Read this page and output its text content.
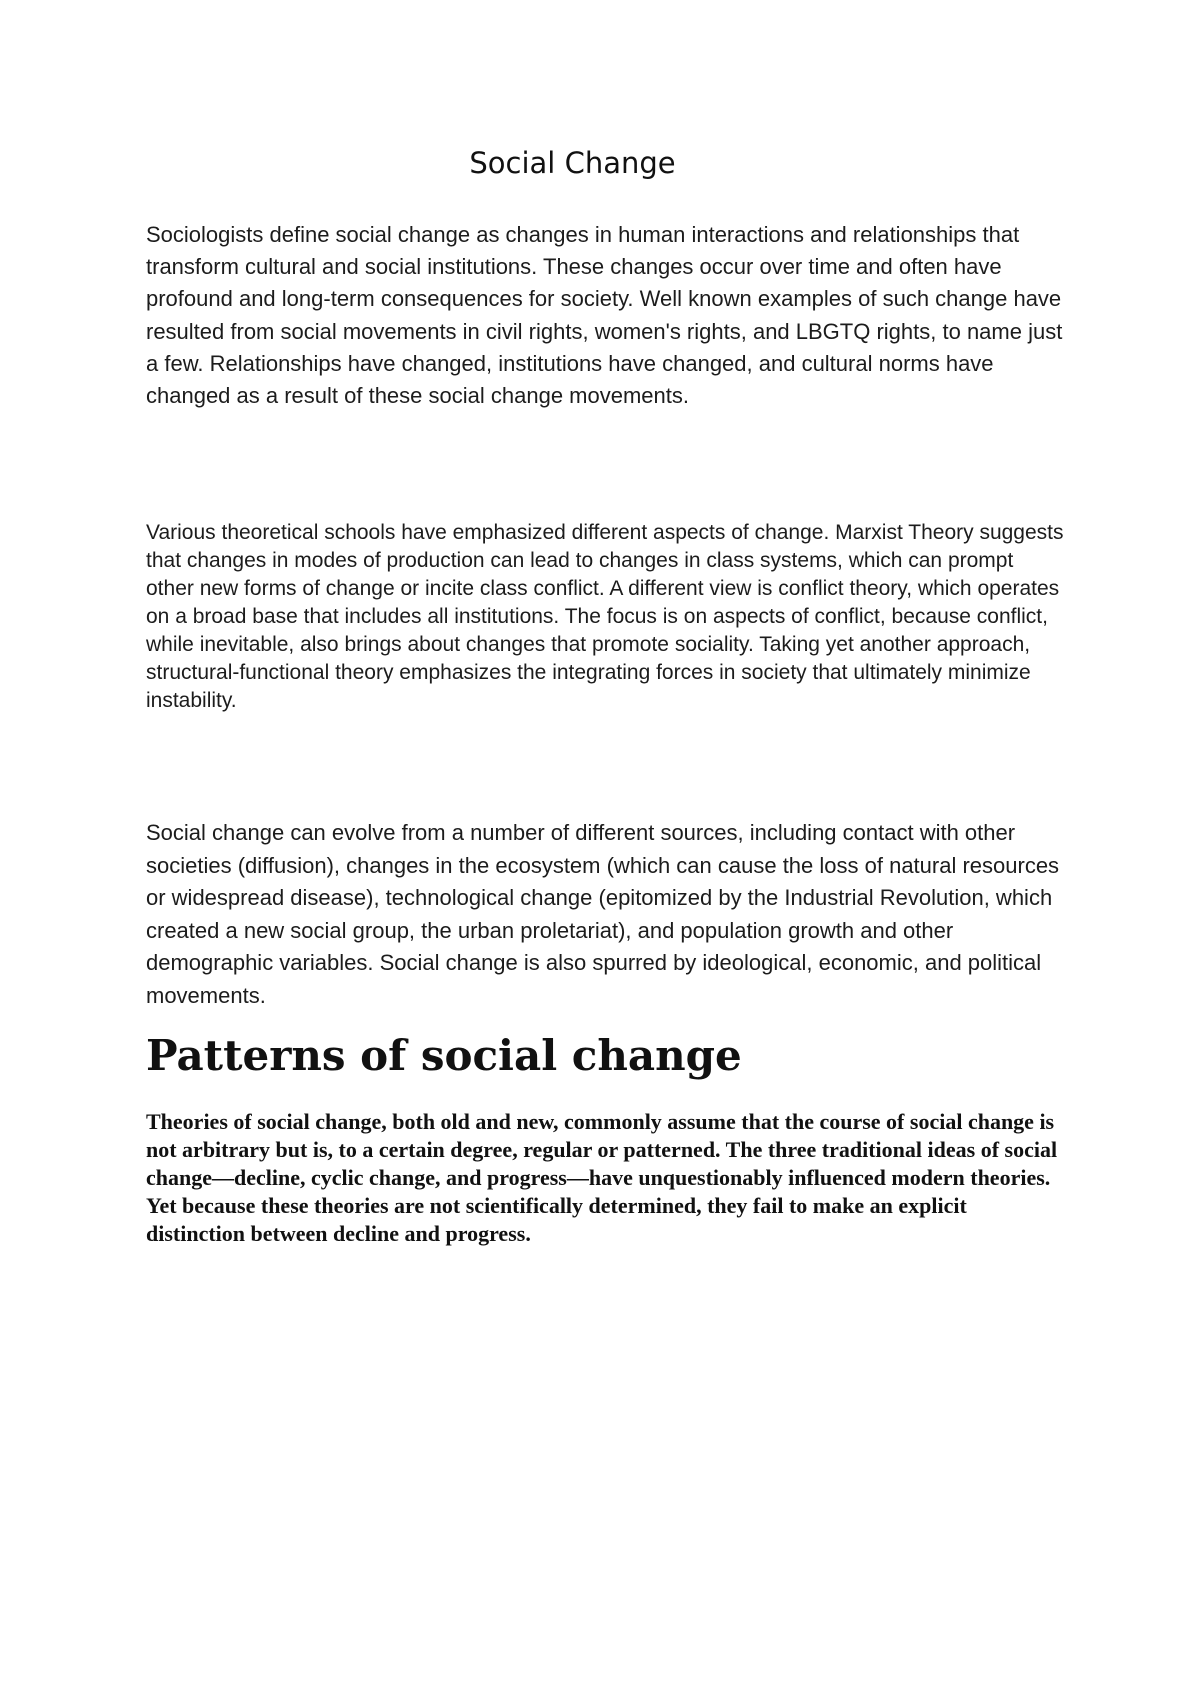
Social Change

Sociologists define social change as changes in human interactions and relationships that transform cultural and social institutions. These changes occur over time and often have profound and long-term consequences for society. Well known examples of such change have resulted from social movements in civil rights, women's rights, and LBGTQ rights, to name just a few. Relationships have changed, institutions have changed, and cultural norms have changed as a result of these social change movements.

Various theoretical schools have emphasized different aspects of change. Marxist Theory suggests that changes in modes of production can lead to changes in class systems, which can prompt other new forms of change or incite class conflict. A different view is conflict theory, which operates on a broad base that includes all institutions. The focus is on aspects of conflict, because conflict, while inevitable, also brings about changes that promote sociality. Taking yet another approach, structural-functional theory emphasizes the integrating forces in society that ultimately minimize instability.

Social change can evolve from a number of different sources, including contact with other societies (diffusion), changes in the ecosystem (which can cause the loss of natural resources or widespread disease), technological change (epitomized by the Industrial Revolution, which created a new social group, the urban proletariat), and population growth and other demographic variables. Social change is also spurred by ideological, economic, and political movements.

Patterns of social change

Theories of social change, both old and new, commonly assume that the course of social change is not arbitrary but is, to a certain degree, regular or patterned. The three traditional ideas of social change—decline, cyclic change, and progress—have unquestionably influenced modern theories. Yet because these theories are not scientifically determined, they fail to make an explicit distinction between decline and progress.
